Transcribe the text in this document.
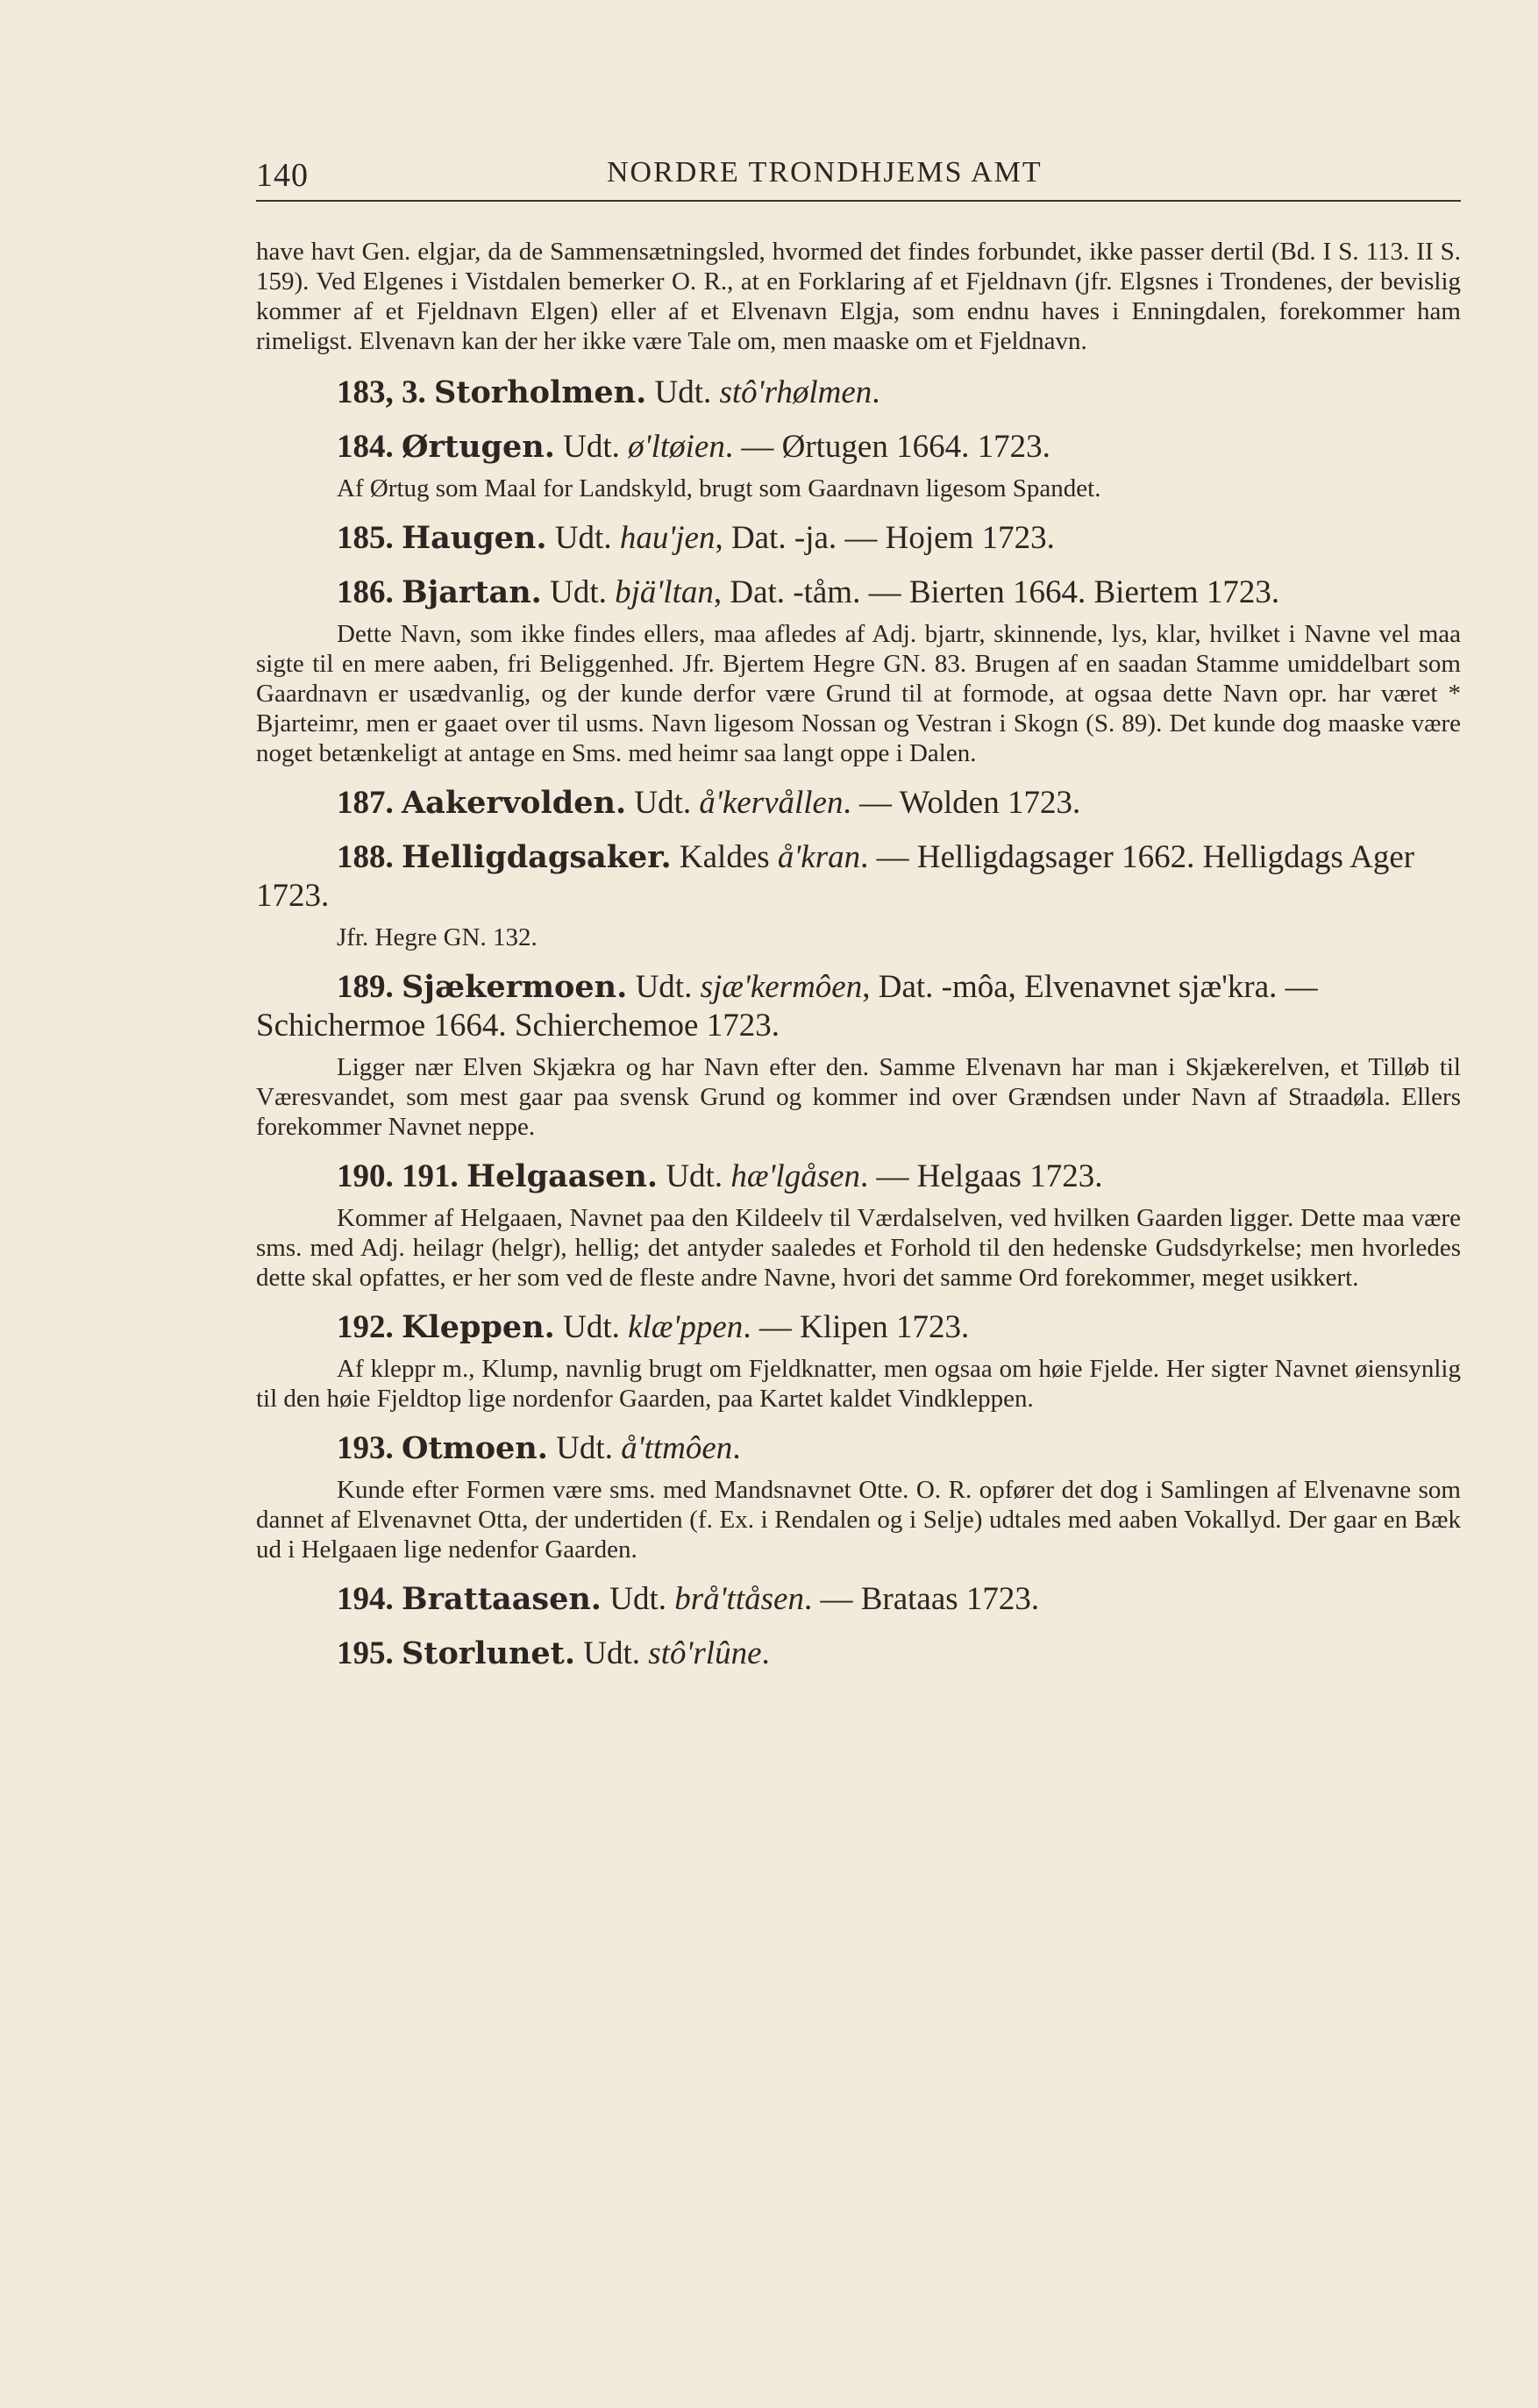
140	NORDRE TRONDHJEMS AMT

have havt Gen. elgjar, da de Sammensætningsled, hvormed det findes forbundet, ikke passer dertil (Bd. I S. 113. II S. 159). Ved Elgenes i Vistdalen bemerker O. R., at en Forklaring af et Fjeldnavn (jfr. Elgsnes i Trondenes, der bevislig kommer af et Fjeldnavn Elgen) eller af et Elvenavn Elgja, som endnu haves i Enningdalen, forekommer ham rimeligst. Elvenavn kan der her ikke være Tale om, men maaske om et Fjeldnavn.

183, 3. Storholmen. Udt. stô'rhølmen.
184. Ørtugen. Udt. ø'ltøien. — Ørtugen 1664. 1723.

Af Ørtug som Maal for Landskyld, brugt som Gaardnavn ligesom Spandet.

185. Haugen. Udt. hau'jen, Dat. -ja. — Hojem 1723.
186. Bjartan. Udt. bjä'ltan, Dat. -tåm. — Bierten 1664. Biertem 1723.

Dette Navn, som ikke findes ellers, maa afledes af Adj. bjartr, skinnende, lys, klar, hvilket i Navne vel maa sigte til en mere aaben, fri Beliggenhed. Jfr. Bjertem Hegre GN. 83. Brugen af en saadan Stamme umiddelbart som Gaardnavn er usædvanlig, og der kunde derfor være Grund til at formode, at ogsaa dette Navn opr. har været * Bjarteimr, men er gaaet over til usms. Navn ligesom Nossan og Vestran i Skogn (S. 89). Det kunde dog maaske være noget betænkeligt at antage en Sms. med heimr saa langt oppe i Dalen.

187. Aakervolden. Udt. å'kervållen. — Wolden 1723.
188. Helligdagsaker. Kaldes å'kran. — Helligdagsager 1662. Helligdags Ager 1723.

Jfr. Hegre GN. 132.

189. Sjækermoen. Udt. sjæ'kermôen, Dat. -môa, Elvenavnet sjæ'kra. — Schichermoe 1664. Schierchemoe 1723.

Ligger nær Elven Skjækra og har Navn efter den. Samme Elvenavn har man i Skjækerelven, et Tilløb til Væresvandet, som mest gaar paa svensk Grund og kommer ind over Grændsen under Navn af Straadøla. Ellers forekommer Navnet neppe.

190. 191. Helgaasen. Udt. hæ'lgåsen. — Helgaas 1723.

Kommer af Helgaaen, Navnet paa den Kildeelv til Værdalselven, ved hvilken Gaarden ligger. Dette maa være sms. med Adj. heilagr (helgr), hellig; det antyder saaledes et Forhold til den hedenske Gudsdyrkelse; men hvorledes dette skal opfattes, er her som ved de fleste andre Navne, hvori det samme Ord forekommer, meget usikkert.

192. Kleppen. Udt. klæ'ppen. — Klipen 1723.

Af kleppr m., Klump, navnlig brugt om Fjeldknatter, men ogsaa om høie Fjelde. Her sigter Navnet øiensynlig til den høie Fjeldtop lige nordenfor Gaarden, paa Kartet kaldet Vindkleppen.

193. Otmoen. Udt. å'ttmôen.

Kunde efter Formen være sms. med Mandsnavnet Otte. O. R. opfører det dog i Samlingen af Elvenavne som dannet af Elvenavnet Otta, der undertiden (f. Ex. i Rendalen og i Selje) udtales med aaben Vokallyd. Der gaar en Bæk ud i Helgaaen lige nedenfor Gaarden.

194. Brattaasen. Udt. brå'ttåsen. — Brataas 1723.
195. Storlunet. Udt. stô'rlûne.
